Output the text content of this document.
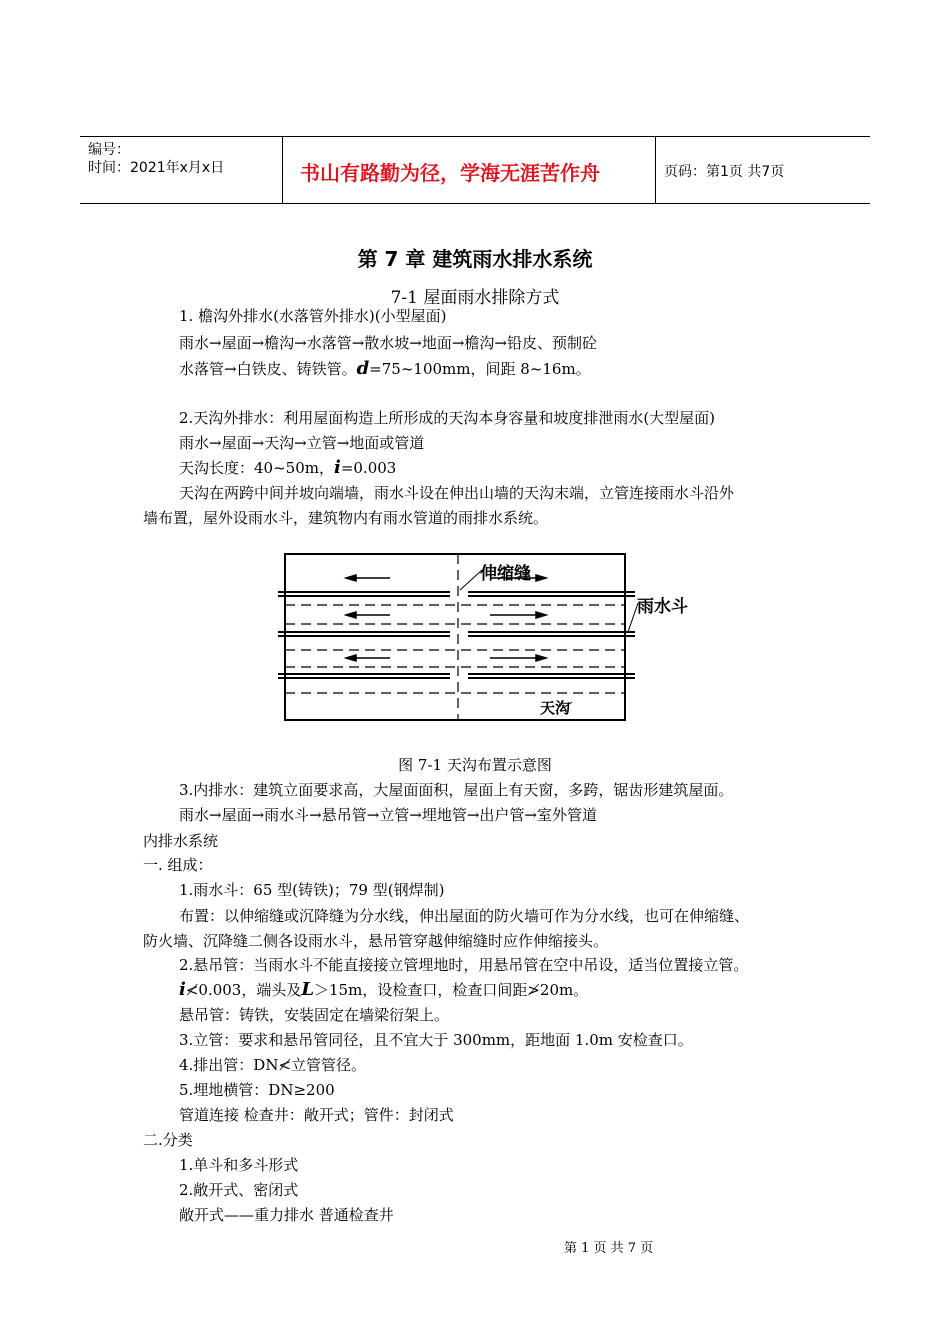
编号：
时间：2021年x月x日	书山有路勤为径，学海无涯苦作舟	页码：第1页 共7页
第 7 章 建筑雨水排水系统
7-1 屋面雨水排除方式
1. 檐沟外排水(水落管外排水)(小型屋面)
雨水→屋面→檐沟→水落管→散水坡→地面→檐沟→铅皮、预制砼
水落管→白铁皮、铸铁管。d=75~100mm，间距 8~16m。
2.天沟外排水：利用屋面构造上所形成的天沟本身容量和坡度排泄雨水(大型屋面)
雨水→屋面→天沟→立管→地面或管道
天沟长度：40~50m，i=0.003
天沟在两跨中间并坡向端墙，雨水斗设在伸出山墙的天沟末端，立管连接雨水斗沿外
墙布置，屋外设雨水斗，建筑物内有雨水管道的雨排水系统。
伸缩缝
雨水斗
天沟
图 7-1 天沟布置示意图
3.内排水：建筑立面要求高，大屋面面积，屋面上有天窗，多跨，锯齿形建筑屋面。
雨水→屋面→雨水斗→悬吊管→立管→埋地管→出户管→室外管道
内排水系统
一. 组成：
1.雨水斗：65 型(铸铁)；79 型(钢焊制)
布置：以伸缩缝或沉降缝为分水线，伸出屋面的防火墙可作为分水线，也可在伸缩缝、
防火墙、沉降缝二侧各设雨水斗，悬吊管穿越伸缩缝时应作伸缩接头。
2.悬吊管：当雨水斗不能直接接立管埋地时，用悬吊管在空中吊设，适当位置接立管。
i≮0.003，端头及L＞15m，设检查口，检查口间距≯20m。
悬吊管：铸铁，安装固定在墙梁衍架上。
3.立管：要求和悬吊管同径，且不宜大于 300mm，距地面 1.0m 安检查口。
4.排出管：DN≮立管管径。
5.埋地横管：DN≥200
管道连接 检查井：敞开式；管件：封闭式
二.分类
1.单斗和多斗形式
2.敞开式、密闭式
敞开式——重力排水 普通检查井
第 1 页 共 7 页
